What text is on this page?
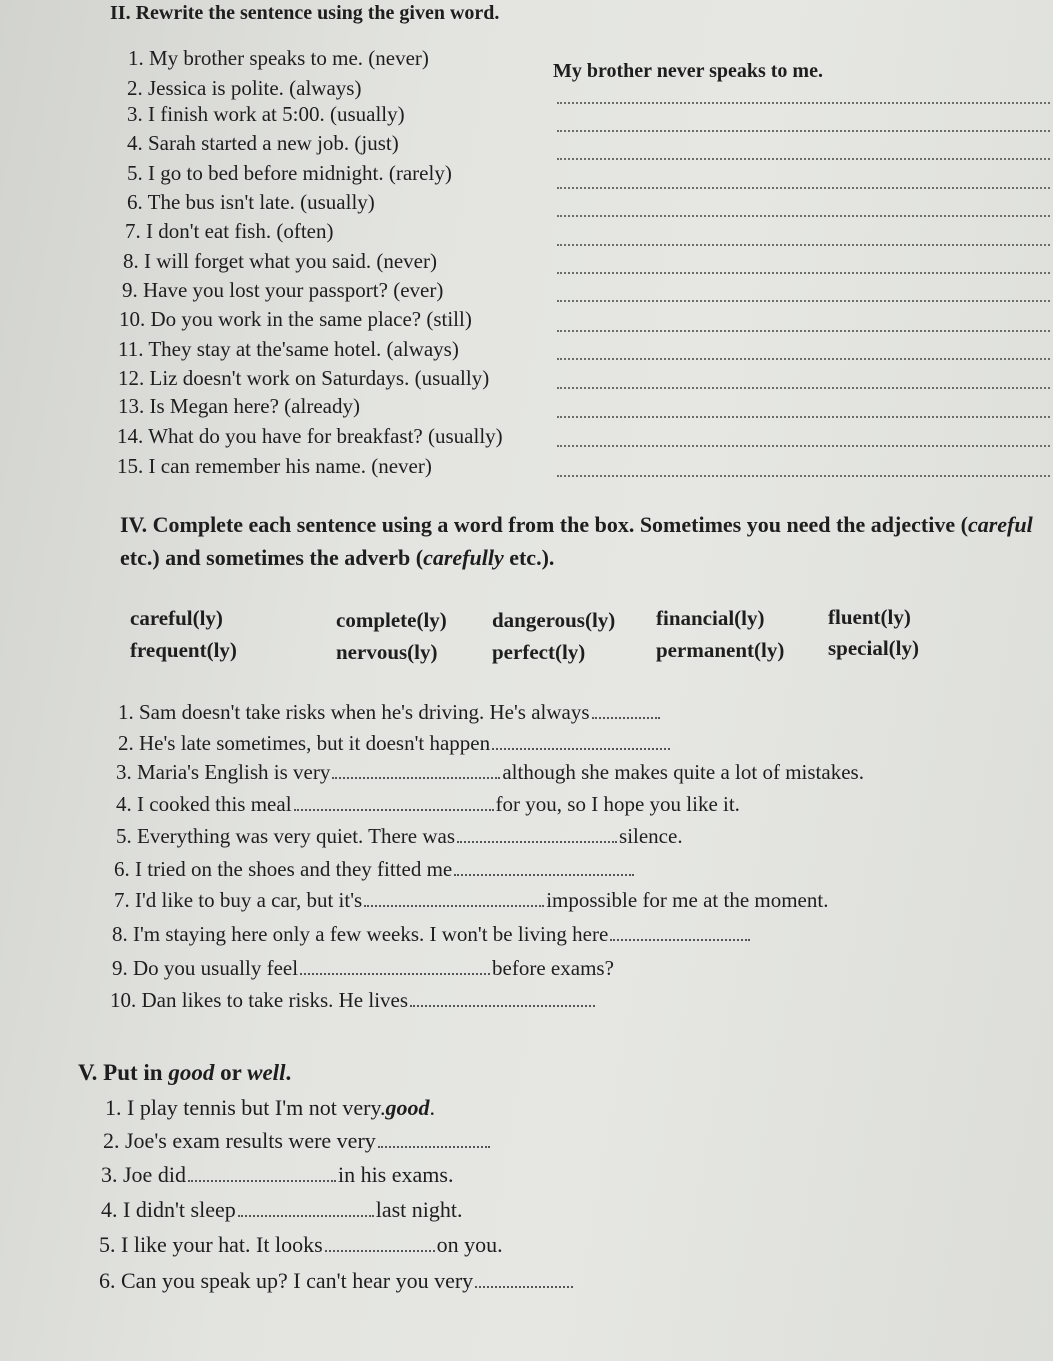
II. Rewrite the sentence using the given word.
1. My brother speaks to me. (never)
My brother never speaks to me.
2. Jessica is polite. (always)
3. I finish work at 5:00. (usually)
4. Sarah started a new job. (just)
5. I go to bed before midnight. (rarely)
6. The bus isn't late. (usually)
7. I don't eat fish. (often)
8. I will forget what you said. (never)
9. Have you lost your passport? (ever)
10. Do you work in the same place? (still)
11. They stay at the'same hotel. (always)
12. Liz doesn't work on Saturdays. (usually)
13. Is Megan here? (already)
14. What do you have for breakfast? (usually)
15. I can remember his name. (never)
IV. Complete each sentence using a word from the box. Sometimes you need the adjective (careful etc.) and sometimes the adverb (carefully etc.).
careful(ly)	complete(ly) dangerous(ly) financial(ly)	fluent(ly)
frequent(ly)	nervous(ly)	perfect(ly)	permanent(ly) special(ly)
1. Sam doesn't take risks when he's driving. He's always
2. He's late sometimes, but it doesn't happen
3. Maria's English is very	although she makes quite a lot of mistakes.
4. I cooked this meal	for you, so I hope you like it.
5. Everything was very quiet. There was	silence.
6. I tried on the shoes and they fitted me
7. I'd like to buy a car, but it's	impossible for me at the moment.
8. I'm staying here only a few weeks. I won't be living here
9. Do you usually feel	before exams?
10. Dan likes to take risks. He lives
V. Put in good or well.
1. I play tennis but I'm not very.good.
2. Joe's exam results were very
3. Joe did	in his exams.
4. I didn't sleep	last night.
5. I like your hat. It looks	on you.
6. Can you speak up? I can't hear you very
